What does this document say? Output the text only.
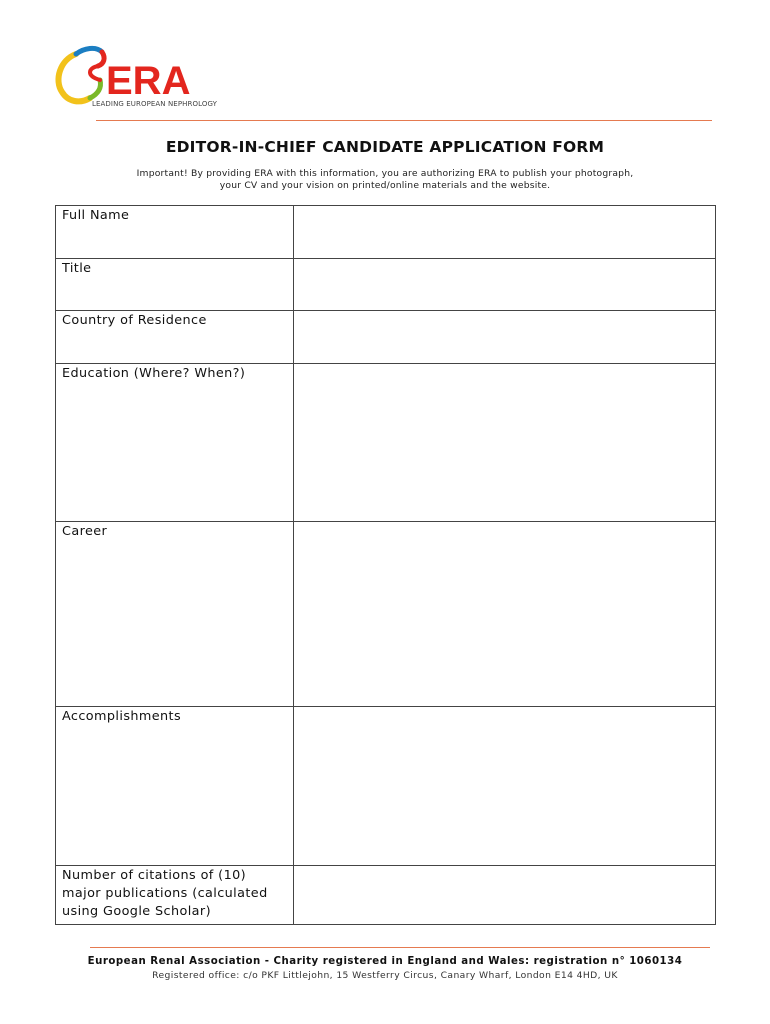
ERA
LEADING EUROPEAN NEPHROLOGY
EDITOR-IN-CHIEF CANDIDATE APPLICATION FORM
Important! By providing ERA with this information, you are authorizing ERA to publish your photograph,
your CV and your vision on printed/online materials and the website.
Full Name	
Title	
Country of Residence	
Education (Where? When?)	
Career	
Accomplishments	
Number of citations of (10) major publications (calculated using Google Scholar)	
European Renal Association - Charity registered in England and Wales: registration n° 1060134
Registered office: c/o PKF Littlejohn, 15 Westferry Circus, Canary Wharf, London E14 4HD, UK
